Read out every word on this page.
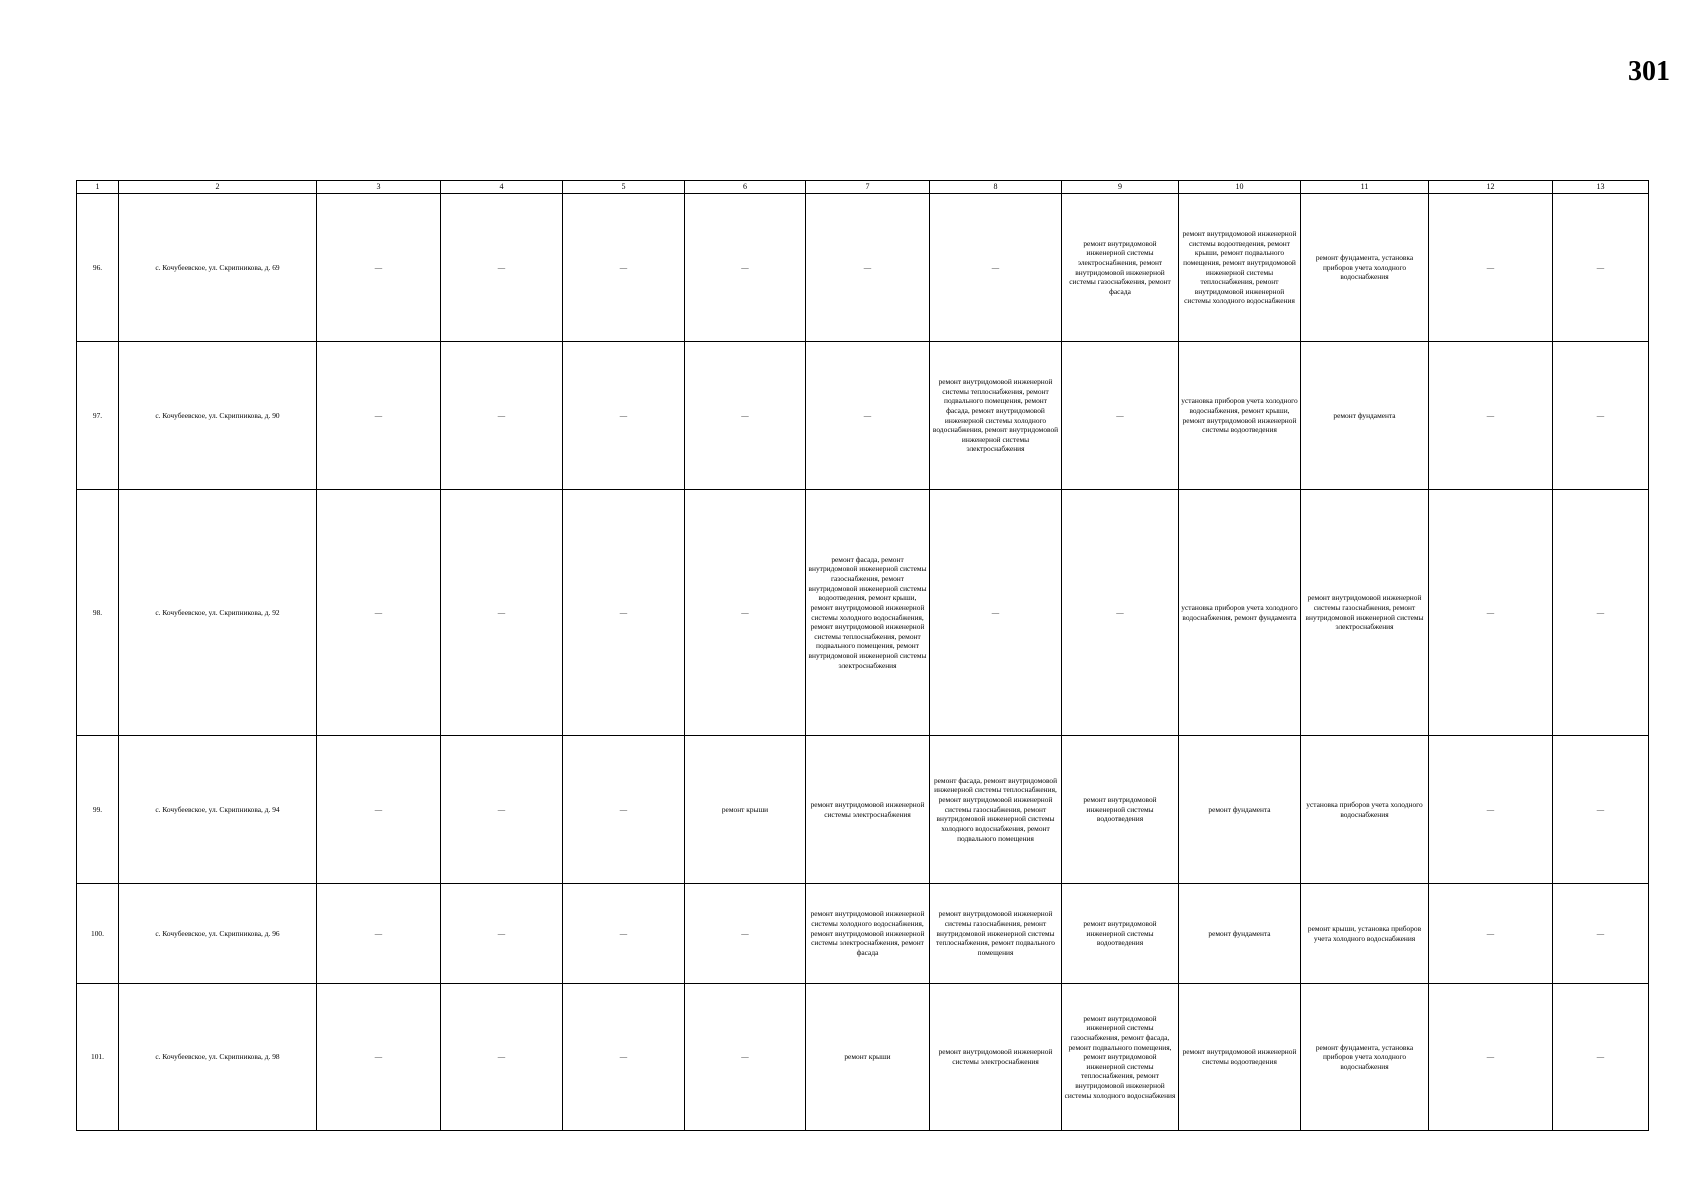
301
1	2	3	4	5	6	7	8	9	10	11	12	13
96.	с. Кочубеевское, ул. Скрипникова, д. 69	—	—	—	—	—	—	ремонт внутридомовой инженерной системы электроснабжения, ремонт внутридомовой инженерной системы газоснабжения, ремонт фасада	ремонт внутридомовой инженерной системы водоотведения, ремонт крыши, ремонт подвального помещения, ремонт внутридомовой инженерной системы теплоснабжения, ремонт внутридомовой инженерной системы холодного водоснабжения	ремонт фундамента, установка приборов учета холодного водоснабжения	—	—
97.	с. Кочубеевское, ул. Скрипникова, д. 90	—	—	—	—	—	ремонт внутридомовой инженерной системы теплоснабжения, ремонт подвального помещения, ремонт фасада, ремонт внутридомовой инженерной системы холодного водоснабжения, ремонт внутридомовой инженерной системы электроснабжения	—	установка приборов учета холодного водоснабжения, ремонт крыши, ремонт внутридомовой инженерной системы водоотведения	ремонт фундамента	—	—
98.	с. Кочубеевское, ул. Скрипникова, д. 92	—	—	—	—	ремонт фасада, ремонт внутридомовой инженерной системы газоснабжения, ремонт внутридомовой инженерной системы водоотведения, ремонт крыши, ремонт внутридомовой инженерной системы холодного водоснабжения, ремонт внутридомовой инженерной системы теплоснабжения, ремонт подвального помещения, ремонт внутридомовой инженерной системы электроснабжения	—	—	установка приборов учета холодного водоснабжения, ремонт фундамента	ремонт внутридомовой инженерной системы газоснабжения, ремонт внутридомовой инженерной системы электроснабжения	—	—
99.	с. Кочубеевское, ул. Скрипникова, д. 94	—	—	—	ремонт крыши	ремонт внутридомовой инженерной системы электроснабжения	ремонт фасада, ремонт внутридомовой инженерной системы теплоснабжения, ремонт внутридомовой инженерной системы газоснабжения, ремонт внутридомовой инженерной системы холодного водоснабжения, ремонт подвального помещения	ремонт внутридомовой инженерной системы водоотведения	ремонт фундамента	установка приборов учета холодного водоснабжения	—	—
100.	с. Кочубеевское, ул. Скрипникова, д. 96	—	—	—	—	ремонт внутридомовой инженерной системы холодного водоснабжения, ремонт внутридомовой инженерной системы электроснабжения, ремонт фасада	ремонт внутридомовой инженерной системы газоснабжения, ремонт внутридомовой инженерной системы теплоснабжения, ремонт подвального помещения	ремонт внутридомовой инженерной системы водоотведения	ремонт фундамента	ремонт крыши, установка приборов учета холодного водоснабжения	—	—
101.	с. Кочубеевское, ул. Скрипникова, д. 98	—	—	—	—	ремонт крыши	ремонт внутридомовой инженерной системы электроснабжения	ремонт внутридомовой инженерной системы газоснабжения, ремонт фасада, ремонт подвального помещения, ремонт внутридомовой инженерной системы теплоснабжения, ремонт внутридомовой инженерной системы холодного водоснабжения	ремонт внутридомовой инженерной системы водоотведения	ремонт фундамента, установка приборов учета холодного водоснабжения	—	—
